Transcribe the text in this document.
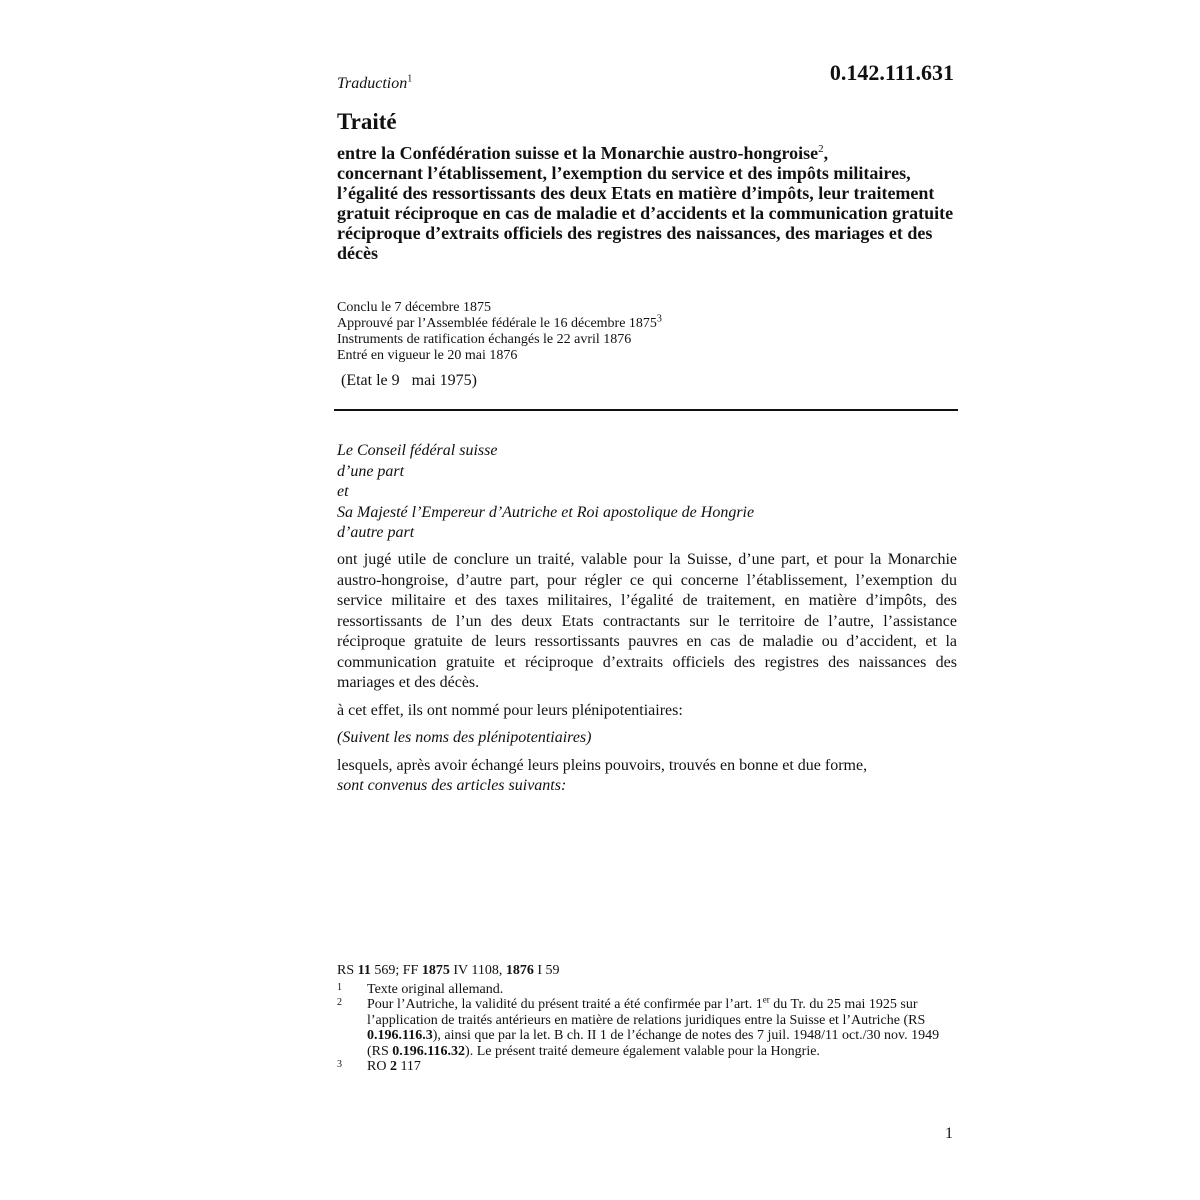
Traduction$^1$	0.142.111.631
Traité
entre la Confédération suisse et la Monarchie austro-hongroise$^2$,
concernant l’établissement, l’exemption du service et des impôts militaires, l’égalité des ressortissants des deux Etats en matière d’impôts, leur traitement gratuit réciproque en cas de maladie et d’accidents et la communication gratuite réciproque d’extraits officiels des registres des naissances, des mariages et des décès
Conclu le 7 décembre 1875
Approuvé par l’Assemblée fédérale le 16 décembre 1875$^3$
Instruments de ratification échangés le 22 avril 1876
Entré en vigueur le 20 mai 1876
(Etat le 9   mai 1975)
Le Conseil fédéral suisse
d’une part
et
Sa Majesté l’Empereur d’Autriche et Roi apostolique de Hongrie
d’autre part

ont jugé utile de conclure un traité, valable pour la Suisse, d’une part, et pour la Monarchie austro-hongroise, d’autre part, pour régler ce qui concerne l’établissement, l’exemption du service militaire et des taxes militaires, l’égalité de traitement, en matière d’impôts, des ressortissants de l’un des deux Etats contractants sur le territoire de l’autre, l’assistance réciproque gratuite de leurs ressortissants pauvres en cas de maladie ou d’accident, et la communication gratuite et réciproque d’extraits officiels des registres des naissances des mariages et des décès.

à cet effet, ils ont nommé pour leurs plénipotentiaires:

(Suivent les noms des plénipotentiaires)

lesquels, après avoir échangé leurs pleins pouvoirs, trouvés en bonne et due forme,

sont convenus des articles suivants:

RS 11 569; FF 1875 IV 1108, 1876 I 59
1	Texte original allemand.
2	Pour l’Autriche, la validité du présent traité a été confirmée par l’art. 1er du Tr. du 25 mai 1925 sur l’application de traités antérieurs en matière de relations juridiques entre la Suisse et l’Autriche (RS 0.196.116.3), ainsi que par la let. B ch. II 1 de l’échange de notes des 7 juil. 1948/11 oct./30 nov. 1949 (RS 0.196.116.32). Le présent traité demeure également valable pour la Hongrie.
3	RO 2 117
1
